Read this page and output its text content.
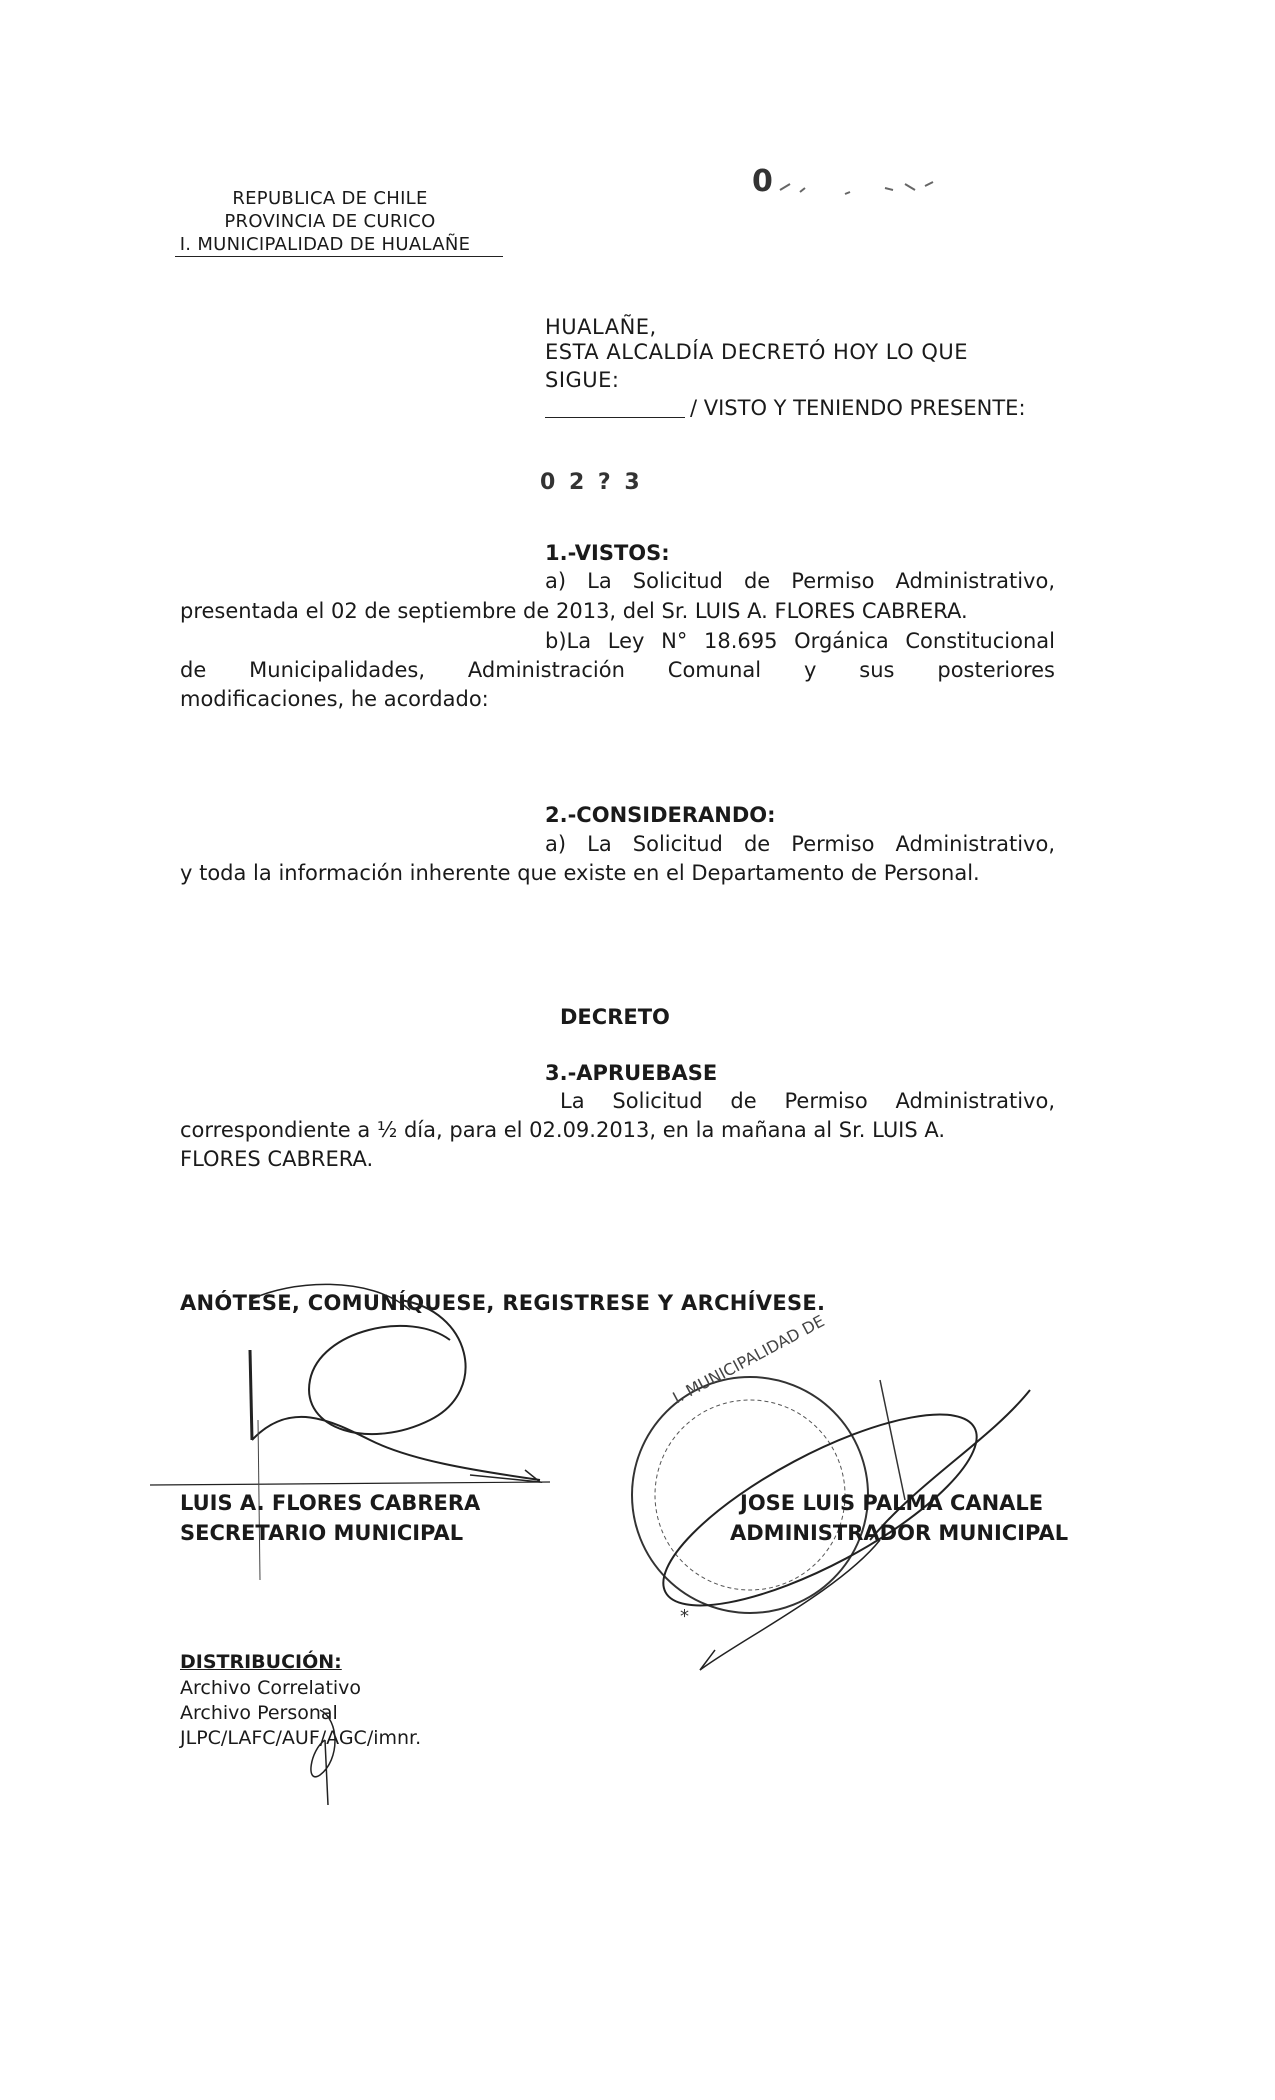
REPUBLICA DE CHILE
PROVINCIA DE CURICO
I. MUNICIPALIDAD DE HUALAÑE
0
HUALAÑE,
ESTA ALCALDÍA DECRETÓ HOY LO QUE
SIGUE:
/ VISTO Y TENIENDO PRESENTE:
0 2 ? 3
1.-VISTOS:
a) La Solicitud de Permiso Administrativo,
presentada el 02 de septiembre de 2013, del Sr. LUIS A. FLORES CABRERA.
b)La Ley N° 18.695 Orgánica Constitucional
de Municipalidades, Administración Comunal y sus posteriores
modificaciones, he acordado:
2.-CONSIDERANDO:
a) La Solicitud de Permiso Administrativo,
y toda la información inherente que existe en el Departamento de Personal.
DECRETO
3.-APRUEBASE
La Solicitud de Permiso Administrativo,
correspondiente a ½ día, para el 02.09.2013, en la mañana al Sr. LUIS A.
FLORES CABRERA.
ANÓTESE, COMUNÍQUESE, REGISTRESE Y ARCHÍVESE.
LUIS A. FLORES CABRERA
SECRETARIO MUNICIPAL
*
I. MUNICIPALIDAD DE
JOSE LUIS PALMA CANALE
ADMINISTRADOR MUNICIPAL
DISTRIBUCIÓN:
Archivo Correlativo
Archivo Personal
JLPC/LAFC/AUF/AGC/imnr.
